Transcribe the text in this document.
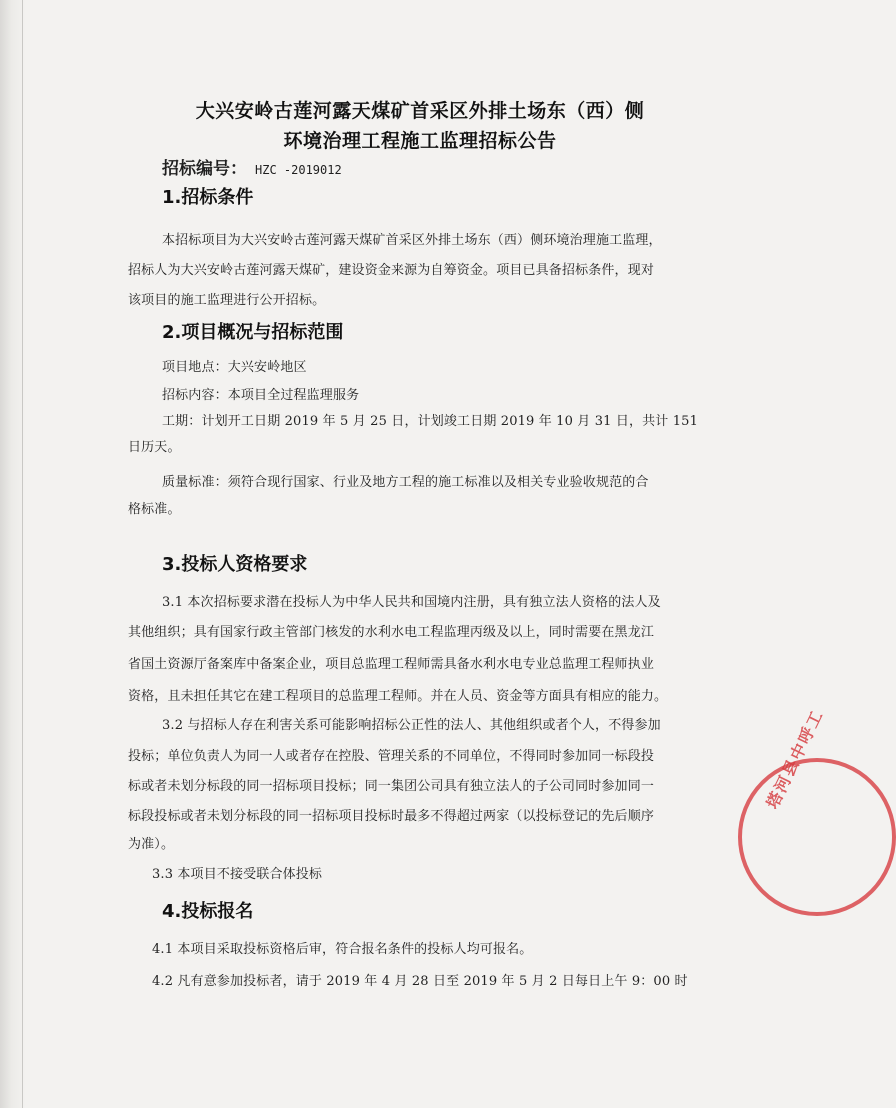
大兴安岭古莲河露天煤矿首采区外排土场东（西）侧
环境治理工程施工监理招标公告
招标编号： HZC -2019012
1.招标条件
本招标项目为大兴安岭古莲河露天煤矿首采区外排土场东（西）侧环境治理施工监理，
招标人为大兴安岭古莲河露天煤矿，建设资金来源为自筹资金。项目已具备招标条件，现对
该项目的施工监理进行公开招标。
2.项目概况与招标范围
项目地点：大兴安岭地区
招标内容：本项目全过程监理服务
工期：计划开工日期 2019 年 5 月 25 日，计划竣工日期 2019 年 10 月 31 日，共计 151
日历天。
质量标准：须符合现行国家、行业及地方工程的施工标准以及相关专业验收规范的合
格标准。
3.投标人资格要求
3.1 本次招标要求潜在投标人为中华人民共和国境内注册，具有独立法人资格的法人及
其他组织；具有国家行政主管部门核发的水利水电工程监理丙级及以上，同时需要在黑龙江
省国土资源厅备案库中备案企业，项目总监理工程师需具备水利水电专业总监理工程师执业
资格，且未担任其它在建工程项目的总监理工程师。并在人员、资金等方面具有相应的能力。
3.2 与招标人存在利害关系可能影响招标公正性的法人、其他组织或者个人，不得参加
投标；单位负责人为同一人或者存在控股、管理关系的不同单位，不得同时参加同一标段投
标或者未划分标段的同一招标项目投标；同一集团公司具有独立法人的子公司同时参加同一
标段投标或者未划分标段的同一招标项目投标时最多不得超过两家（以投标登记的先后顺序
为准）。
3.3 本项目不接受联合体投标
4.投标报名
4.1 本项目采取投标资格后审，符合报名条件的投标人均可报名。
4.2 凡有意参加投标者，请于 2019 年 4 月 28 日至 2019 年 5 月 2 日每日上午 9：00 时
塔河县中呼工
